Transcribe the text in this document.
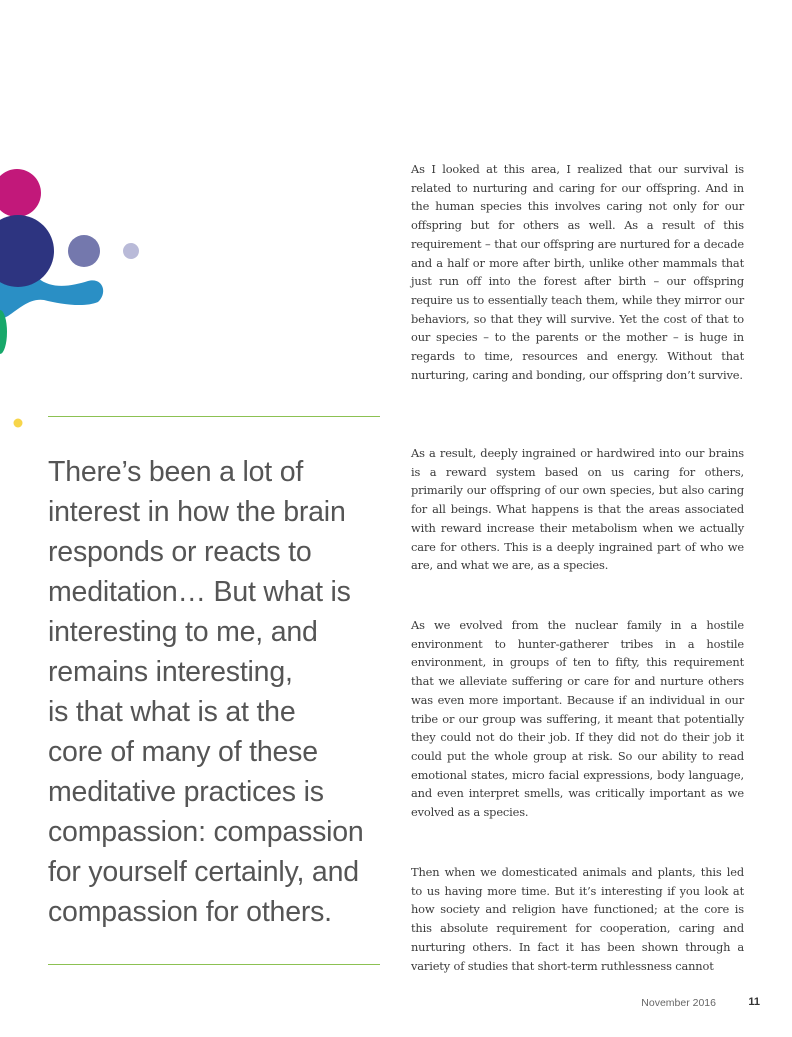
There’s been a lot of
interest in how the brain
responds or reacts to
meditation… But what is
interesting to me, and
remains interesting,
is that what is at the
core of many of these
meditative practices is
compassion: compassion
for yourself certainly, and
compassion for others.

As I looked at this area, I realized that our survival is related to nurturing and caring for our offspring. And in the human species this involves caring not only for our offspring but for others as well. As a result of this requirement – that our offspring are nurtured for a decade and a half or more after birth, unlike other mammals that just run off into the forest after birth – our offspring require us to essentially teach them, while they mirror our behaviors, so that they will survive. Yet the cost of that to our species – to the parents or the mother – is huge in regards to time, resources and energy. Without that nurturing, caring and bonding, our offspring don’t survive.

As a result, deeply ingrained or hardwired into our brains is a reward system based on us caring for others, primarily our offspring of our own species, but also caring for all beings. What happens is that the areas associated with reward increase their metabolism when we actually care for others. This is a deeply ingrained part of who we are, and what we are, as a species.

As we evolved from the nuclear family in a hostile environment to hunter-gatherer tribes in a hostile environment, in groups of ten to fifty, this requirement that we alleviate suffering or care for and nurture others was even more important. Because if an individual in our tribe or our group was suffering, it meant that potentially they could not do their job. If they did not do their job it could put the whole group at risk. So our ability to read emotional states, micro facial expressions, body language, and even interpret smells, was critically important as we evolved as a species.

Then when we domesticated animals and plants, this led to us having more time. But it’s interesting if you look at how society and religion have functioned; at the core is this absolute requirement for cooperation, caring and nurturing others. In fact it has been shown through a variety of studies that short-term ruthlessness cannot

November 2016	11
